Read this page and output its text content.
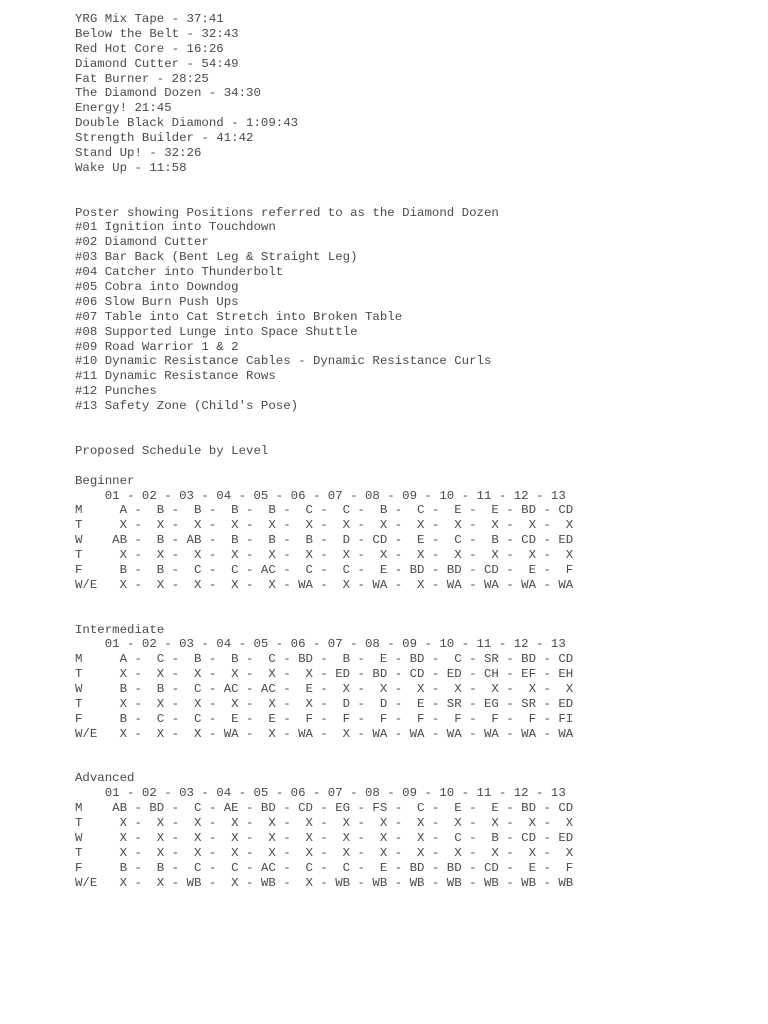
YRG Mix Tape - 37:41
Below the Belt - 32:43
Red Hot Core - 16:26
Diamond Cutter - 54:49
Fat Burner - 28:25
The Diamond Dozen - 34:30
Energy! 21:45
Double Black Diamond - 1:09:43
Strength Builder - 41:42
Stand Up! - 32:26
Wake Up - 11:58
Poster showing Positions referred to as the Diamond Dozen
#01 Ignition into Touchdown
#02 Diamond Cutter
#03 Bar Back (Bent Leg & Straight Leg)
#04 Catcher into Thunderbolt
#05 Cobra into Downdog
#06 Slow Burn Push Ups
#07 Table into Cat Stretch into Broken Table
#08 Supported Lunge into Space Shuttle
#09 Road Warrior 1 & 2
#10 Dynamic Resistance Cables - Dynamic Resistance Curls
#11 Dynamic Resistance Rows
#12 Punches
#13 Safety Zone (Child's Pose)
Proposed Schedule by Level
Beginner
01 - 02 - 03 - 04 - 05 - 06 - 07 - 08 - 09 - 10 - 11 - 12 - 13
M     A -  B -  B -  B -  B -  C -  C -  B -  C -  E -  E - BD - CD
T     X -  X -  X -  X -  X -  X -  X -  X -  X -  X -  X -  X -  X
W    AB -  B - AB -  B -  B -  B -  D - CD -  E -  C -  B - CD - ED
T     X -  X -  X -  X -  X -  X -  X -  X -  X -  X -  X -  X -  X
F     B -  B -  C -  C - AC -  C -  C -  E - BD - BD - CD -  E -  F
W/E   X -  X -  X -  X -  X - WA -  X - WA -  X - WA - WA - WA - WA
Intermediate
01 - 02 - 03 - 04 - 05 - 06 - 07 - 08 - 09 - 10 - 11 - 12 - 13
M     A -  C -  B -  B -  C - BD -  B -  E - BD -  C - SR - BD - CD
T     X -  X -  X -  X -  X -  X - ED - BD - CD - ED - CH - EF - EH
W     B -  B -  C - AC - AC -  E -  X -  X -  X -  X -  X -  X -  X
T     X -  X -  X -  X -  X -  X -  D -  D -  E - SR - EG - SR - ED
F     B -  C -  C -  E -  E -  F -  F -  F -  F -  F -  F -  F - FI
W/E   X -  X -  X - WA -  X - WA -  X - WA - WA - WA - WA - WA - WA
Advanced
01 - 02 - 03 - 04 - 05 - 06 - 07 - 08 - 09 - 10 - 11 - 12 - 13
M    AB - BD -  C - AE - BD - CD - EG - FS -  C -  E -  E - BD - CD
T     X -  X -  X -  X -  X -  X -  X -  X -  X -  X -  X -  X -  X
W     X -  X -  X -  X -  X -  X -  X -  X -  X -  C -  B - CD - ED
T     X -  X -  X -  X -  X -  X -  X -  X -  X -  X -  X -  X -  X
F     B -  B -  C -  C - AC -  C -  C -  E - BD - BD - CD -  E -  F
W/E   X -  X - WB -  X - WB -  X - WB - WB - WB - WB - WB - WB - WB
